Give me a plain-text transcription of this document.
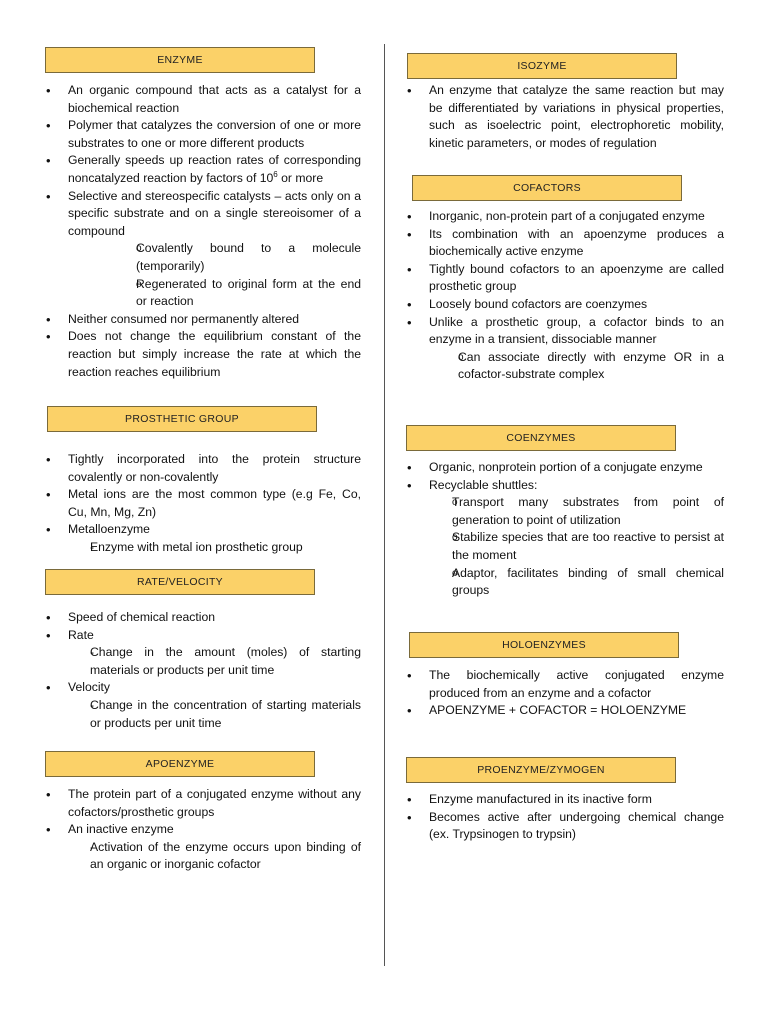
ENZYME
• An organic compound that acts as a catalyst for a biochemical reaction
• Polymer that catalyzes the conversion of one or more substrates to one or more different products
• Generally speeds up reaction rates of corresponding noncatalyzed reaction by factors of $10^6$ or more
• Selective and stereospecific catalysts – acts only on a specific substrate and on a single stereoisomer of a compound
o Covalently bound to a molecule (temporarily)
o Regenerated to original form at the end or reaction
• Neither consumed nor permanently altered
• Does not change the equilibrium constant of the reaction but simply increase the rate at which the reaction reaches equilibrium
PROSTHETIC GROUP
• Tightly incorporated into the protein structure covalently or non-covalently
• Metal ions are the most common type (e.g Fe, Co, Cu, Mn, Mg, Zn)
• Metalloenzyme
- Enzyme with metal ion prosthetic group
RATE/VELOCITY
• Speed of chemical reaction
• Rate
- Change in the amount (moles) of starting materials or products per unit time
• Velocity
- Change in the concentration of starting materials or products per unit time
APOENZYME
• The protein part of a conjugated enzyme without any cofactors/prosthetic groups
• An inactive enzyme
- Activation of the enzyme occurs upon binding of an organic or inorganic cofactor
ISOZYME
• An enzyme that catalyze the same reaction but may be differentiated by variations in physical properties, such as isoelectric point, electrophoretic mobility, kinetic parameters, or modes of regulation
COFACTORS
• Inorganic, non-protein part of a conjugated enzyme
• Its combination with an apoenzyme produces a biochemically active enzyme
• Tightly bound cofactors to an apoenzyme are called prosthetic group
• Loosely bound cofactors are coenzymes
• Unlike a prosthetic group, a cofactor binds to an enzyme in a transient, dissociable manner
o Can associate directly with enzyme OR in a cofactor-substrate complex
COENZYMES
• Organic, nonprotein portion of a conjugate enzyme
• Recyclable shuttles:
o Transport many substrates from point of generation to point of utilization
o Stabilize species that are too reactive to persist at the moment
o Adaptor, facilitates binding of small chemical groups
HOLOENZYMES
• The biochemically active conjugated enzyme produced from an enzyme and a cofactor
• APOENZYME + COFACTOR = HOLOENZYME
PROENZYME/ZYMOGEN
• Enzyme manufactured in its inactive form
• Becomes active after undergoing chemical change (ex. Trypsinogen to trypsin)
